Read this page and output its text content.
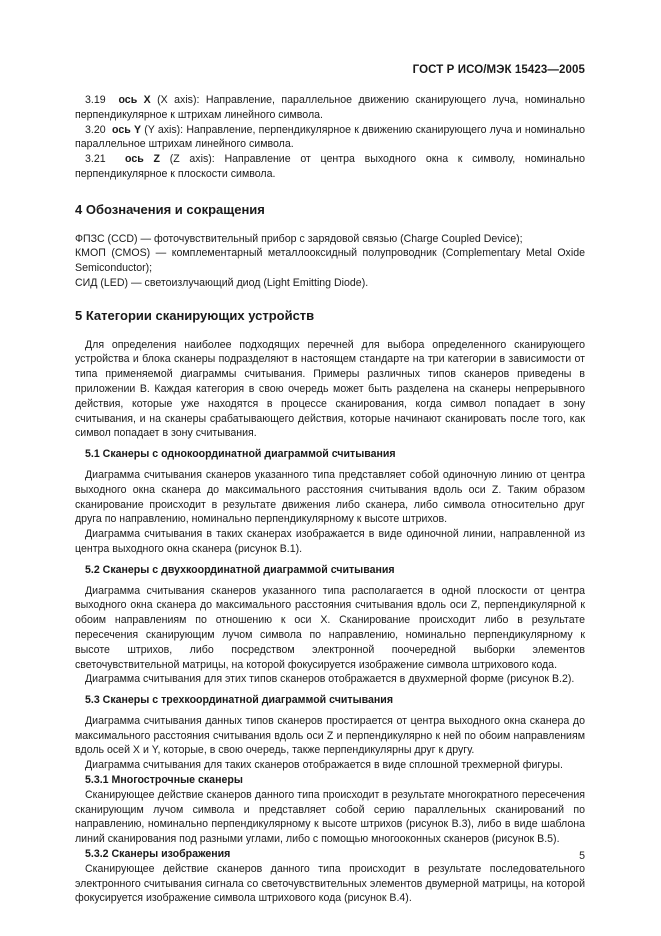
ГОСТ Р ИСО/МЭК 15423—2005

3.19 ось X (X axis): Направление, параллельное движению сканирующего луча, номинально перпендикулярное к штрихам линейного символа.

3.20 ось Y (Y axis): Направление, перпендикулярное к движению сканирующего луча и номинально параллельное штрихам линейного символа.

3.21 ось Z (Z axis): Направление от центра выходного окна к символу, номинально перпендикулярное к плоскости символа.

4 Обозначения и сокращения

ФПЗС (CCD) — фоточувствительный прибор с зарядовой связью (Charge Coupled Device);

КМОП (CMOS) — комплементарный металлооксидный полупроводник (Complementary Metal Oxide Semiconductor);

СИД (LED) — светоизлучающий диод (Light Emitting Diode).

5 Категории сканирующих устройств

Для определения наиболее подходящих перечней для выбора определенного сканирующего устройства и блока сканеры подразделяют в настоящем стандарте на три категории в зависимости от типа применяемой диаграммы считывания. Примеры различных типов сканеров приведены в приложении В. Каждая категория в свою очередь может быть разделена на сканеры непрерывного действия, которые уже находятся в процессе сканирования, когда символ попадает в зону считывания, и на сканеры срабатывающего действия, которые начинают сканировать после того, как символ попадает в зону считывания.

5.1 Сканеры с однокоординатной диаграммой считывания

Диаграмма считывания сканеров указанного типа представляет собой одиночную линию от центра выходного окна сканера до максимального расстояния считывания вдоль оси Z. Таким образом сканирование происходит в результате движения либо сканера, либо символа относительно друг друга по направлению, номинально перпендикулярному к высоте штрихов.

Диаграмма считывания в таких сканерах изображается в виде одиночной линии, направленной из центра выходного окна сканера (рисунок В.1).

5.2 Сканеры с двухкоординатной диаграммой считывания

Диаграмма считывания сканеров указанного типа располагается в одной плоскости от центра выходного окна сканера до максимального расстояния считывания вдоль оси Z, перпендикулярной к обоим направлениям по отношению к оси X. Сканирование происходит либо в результате пересечения сканирующим лучом символа по направлению, номинально перпендикулярному к высоте штрихов, либо посредством электронной поочередной выборки элементов светочувствительной матрицы, на которой фокусируется изображение символа штрихового кода.

Диаграмма считывания для этих типов сканеров отображается в двухмерной форме (рисунок В.2).

5.3 Сканеры с трехкоординатной диаграммой считывания

Диаграмма считывания данных типов сканеров простирается от центра выходного окна сканера до максимального расстояния считывания вдоль оси Z и перпендикулярно к ней по обоим направлениям вдоль осей X и Y, которые, в свою очередь, также перпендикулярны друг к другу.

Диаграмма считывания для таких сканеров отображается в виде сплошной трехмерной фигуры.

5.3.1 Многострочные сканеры

Сканирующее действие сканеров данного типа происходит в результате многократного пересечения сканирующим лучом символа и представляет собой серию параллельных сканирований по направлению, номинально перпендикулярному к высоте штрихов (рисунок В.3), либо в виде шаблона линий сканирования под разными углами, либо с помощью многооконных сканеров (рисунок В.5).

5.3.2 Сканеры изображения

Сканирующее действие сканеров данного типа происходит в результате последовательного электронного считывания сигнала со светочувствительных элементов двумерной матрицы, на которой фокусируется изображение символа штрихового кода (рисунок В.4).

5
